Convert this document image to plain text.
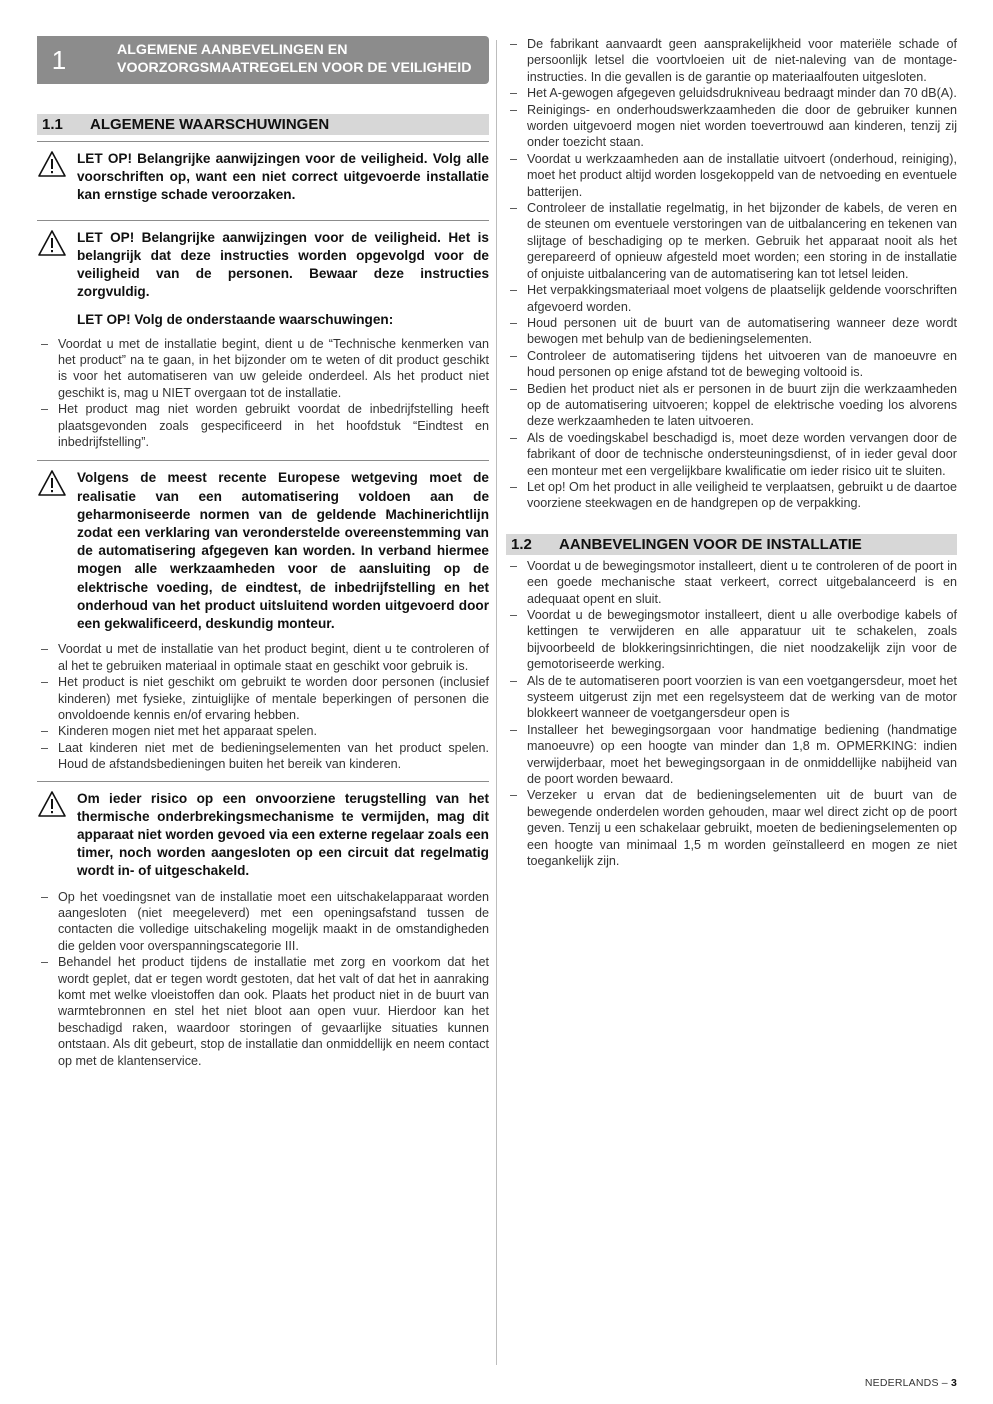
1	ALGEMENE AANBEVELINGEN EN
VOORZORGSMAATREGELEN VOOR DE VEILIGHEID
1.1	ALGEMENE WAARSCHUWINGEN

LET OP! Belangrijke aanwijzingen voor de veiligheid. Volg alle voorschriften op, want een niet correct uitgevoerde installatie kan ernstige schade veroorzaken.

LET OP! Belangrijke aanwijzingen voor de veiligheid. Het is belangrijk dat deze instructies worden opgevolgd voor de veiligheid van de personen. Bewaar deze instructies zorgvuldig.

LET OP! Volg de onderstaande waarschuwingen:

– Voordat u met de installatie begint, dient u de “Technische kenmerken van het product” na te gaan, in het bijzonder om te weten of dit product geschikt is voor het automatiseren van uw geleide onderdeel. Als het product niet geschikt is, mag u NIET overgaan tot de installatie.
– Het product mag niet worden gebruikt voordat de inbedrijfstelling heeft plaatsgevonden zoals gespecificeerd in het hoofdstuk “Eindtest en inbedrijfstelling”.

Volgens de meest recente Europese wetgeving moet de realisatie van een automatisering voldoen aan de geharmoniseerde normen van de geldende Machinerichtlijn zodat een verklaring van veronderstelde overeenstemming van de automatisering afgegeven kan worden. In verband hiermee mogen alle werkzaamheden voor de aansluiting op de elektrische voeding, de eindtest, de inbedrijfstelling en het onderhoud van het product uitsluitend worden uitgevoerd door een gekwalificeerd, deskundig monteur.

– Voordat u met de installatie van het product begint, dient u te controleren of al het te gebruiken materiaal in optimale staat en geschikt voor gebruik is.
– Het product is niet geschikt om gebruikt te worden door personen (inclusief kinderen) met fysieke, zintuiglijke of mentale beperkingen of personen die onvoldoende kennis en/of ervaring hebben.
– Kinderen mogen niet met het apparaat spelen.
– Laat kinderen niet met de bedieningselementen van het product spelen. Houd de afstandsbedieningen buiten het bereik van kinderen.

Om ieder risico op een onvoorziene terugstelling van het thermische onderbrekingsmechanisme te vermijden, mag dit apparaat niet worden gevoed via een externe regelaar zoals een timer, noch worden aangesloten op een circuit dat regelmatig wordt in- of uitgeschakeld.

– Op het voedingsnet van de installatie moet een uitschakelapparaat worden aangesloten (niet meegeleverd) met een openingsafstand tussen de contacten die volledige uitschakeling mogelijk maakt in de omstandigheden die gelden voor overspanningscategorie III.
– Behandel het product tijdens de installatie met zorg en voorkom dat het wordt geplet, dat er tegen wordt gestoten, dat het valt of dat het in aanraking komt met welke vloeistoffen dan ook. Plaats het product niet in de buurt van warmtebronnen en stel het niet bloot aan open vuur. Hierdoor kan het beschadigd raken, waardoor storingen of gevaarlijke situaties kunnen ontstaan. Als dit gebeurt, stop de installatie dan onmiddellijk en neem contact op met de klantenservice.
– De fabrikant aanvaardt geen aansprakelijkheid voor materiële schade of persoonlijk letsel die voortvloeien uit de niet-naleving van de montage-instructies. In die gevallen is de garantie op materiaalfouten uitgesloten.
– Het A-gewogen afgegeven geluidsdrukniveau bedraagt minder dan 70 dB(A).
– Reinigings- en onderhoudswerkzaamheden die door de gebruiker kunnen worden uitgevoerd mogen niet worden toevertrouwd aan kinderen, tenzij zij onder toezicht staan.
– Voordat u werkzaamheden aan de installatie uitvoert (onderhoud, reiniging), moet het product altijd worden losgekoppeld van de netvoeding en eventuele batterijen.
– Controleer de installatie regelmatig, in het bijzonder de kabels, de veren en de steunen om eventuele verstoringen van de uitbalancering en tekenen van slijtage of beschadiging op te merken. Gebruik het apparaat nooit als het gerepareerd of opnieuw afgesteld moet worden; een storing in de installatie of onjuiste uitbalancering van de automatisering kan tot letsel leiden.
– Het verpakkingsmateriaal moet volgens de plaatselijk geldende voorschriften afgevoerd worden.
– Houd personen uit de buurt van de automatisering wanneer deze wordt bewogen met behulp van de bedieningselementen.
– Controleer de automatisering tijdens het uitvoeren van de manoeuvre en houd personen op enige afstand tot de beweging voltooid is.
– Bedien het product niet als er personen in de buurt zijn die werkzaamheden op de automatisering uitvoeren; koppel de elektrische voeding los alvorens deze werkzaamheden te laten uitvoeren.
– Als de voedingskabel beschadigd is, moet deze worden vervangen door de fabrikant of door de technische ondersteuningsdienst, of in ieder geval door een monteur met een vergelijkbare kwalificatie om ieder risico uit te sluiten.
– Let op! Om het product in alle veiligheid te verplaatsen, gebruikt u de daartoe voorziene steekwagen en de handgrepen op de verpakking.
1.2	AANBEVELINGEN VOOR DE INSTALLATIE
– Voordat u de bewegingsmotor installeert, dient u te controleren of de poort in een goede mechanische staat verkeert, correct uitgebalanceerd is en adequaat opent en sluit.
– Voordat u de bewegingsmotor installeert, dient u alle overbodige kabels of kettingen te verwijderen en alle apparatuur uit te schakelen, zoals bijvoorbeeld de blokkeringsinrichtingen, die niet noodzakelijk zijn voor de gemotoriseerde werking.
– Als de te automatiseren poort voorzien is van een voetgangersdeur, moet het systeem uitgerust zijn met een regelsysteem dat de werking van de motor blokkeert wanneer de voetgangersdeur open is
– Installeer het bewegingsorgaan voor handmatige bediening (handmatige manoeuvre) op een hoogte van minder dan 1,8 m. OPMERKING: indien verwijderbaar, moet het bewegingsorgaan in de onmiddellijke nabijheid van de poort worden bewaard.
– Verzeker u ervan dat de bedieningselementen uit de buurt van de bewegende onderdelen worden gehouden, maar wel direct zicht op de poort geven. Tenzij u een schakelaar gebruikt, moeten de bedieningselementen op een hoogte van minimaal 1,5 m worden geïnstalleerd en mogen ze niet toegankelijk zijn.
NEDERLANDS – 3
